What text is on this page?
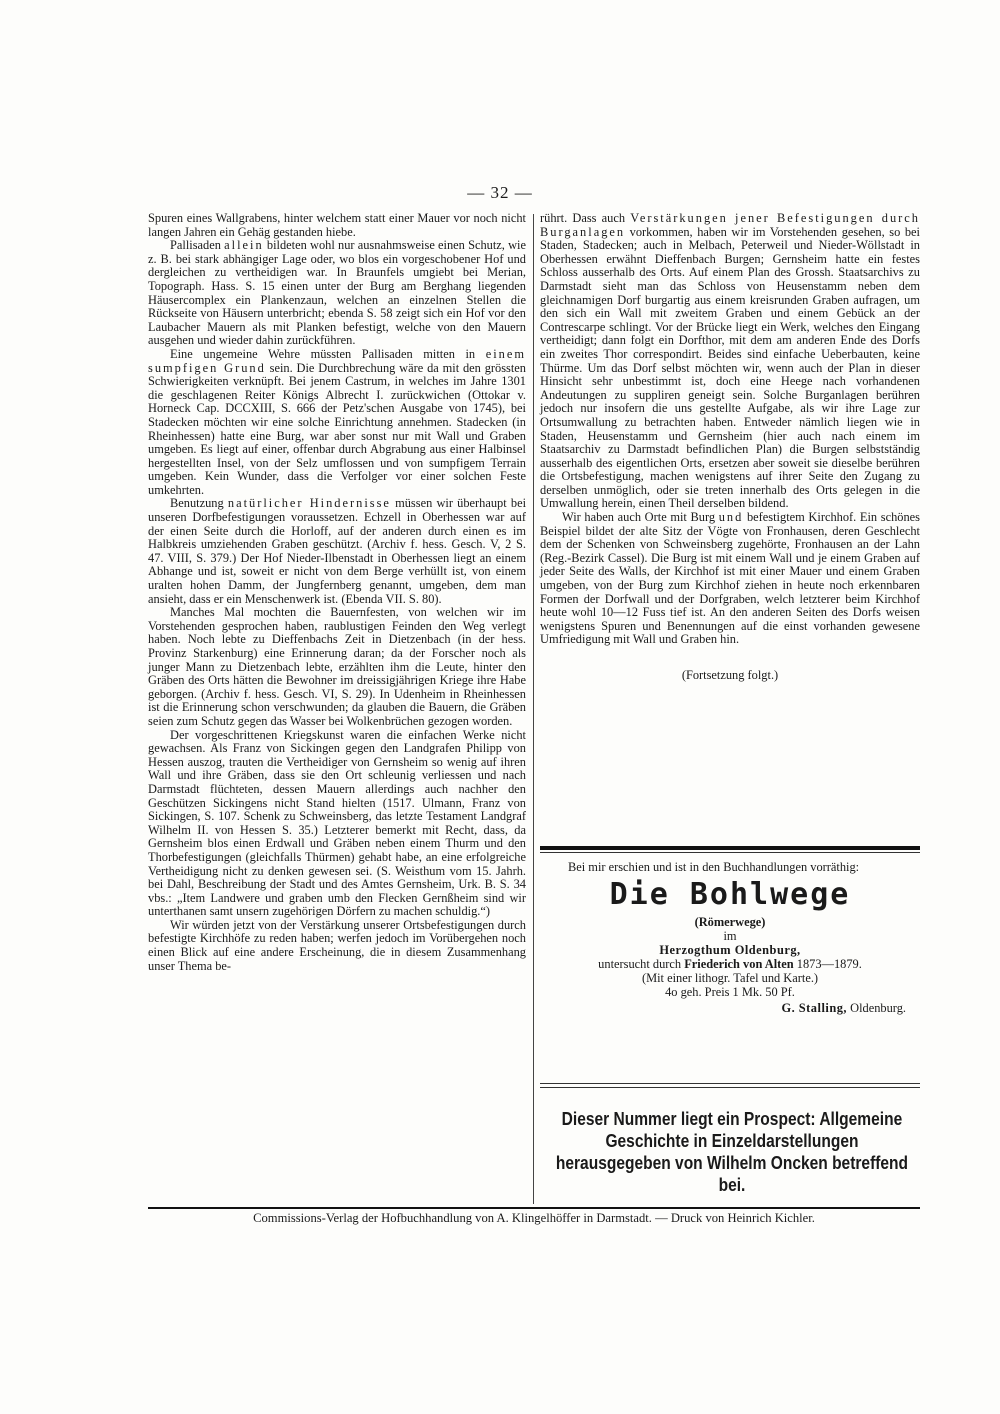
— 32 —

Spuren eines Wallgrabens, hinter welchem statt einer Mauer vor noch nicht langen Jahren ein Gehäg gestanden hiebe.

Pallisaden allein bildeten wohl nur ausnahmsweise einen Schutz, wie z. B. bei stark abhängiger Lage oder, wo blos ein vorgeschobener Hof und dergleichen zu vertheidigen war. In Braunfels umgiebt bei Merian, Topograph. Hass. S. 15 einen unter der Burg am Berghang liegenden Häusercomplex ein Plankenzaun, welchen an einzelnen Stellen die Rückseite von Häusern unterbricht; ebenda S. 58 zeigt sich ein Hof vor den Laubacher Mauern als mit Planken befestigt, welche von den Mauern ausgehen und wieder dahin zurückführen.

Eine ungemeine Wehre müssten Pallisaden mitten in einem sumpfigen Grund sein. Die Durchbrechung wäre da mit den grössten Schwierigkeiten verknüpft. Bei jenem Castrum, in welches im Jahre 1301 die geschlagenen Reiter Königs Albrecht I. zurückwichen (Ottokar v. Horneck Cap. DCCXIII, S. 666 der Petz'schen Ausgabe von 1745), bei Stadecken möchten wir eine solche Einrichtung annehmen. Stadecken (in Rheinhessen) hatte eine Burg, war aber sonst nur mit Wall und Graben umgeben. Es liegt auf einer, offenbar durch Abgrabung aus einer Halbinsel hergestellten Insel, von der Selz umflossen und von sumpfigem Terrain umgeben. Kein Wunder, dass die Verfolger vor einer solchen Feste umkehrten.

Benutzung natürlicher Hindernisse müssen wir überhaupt bei unseren Dorfbefestigungen voraussetzen. Echzell in Oberhessen war auf der einen Seite durch die Horloff, auf der anderen durch einen es im Halbkreis umziehenden Graben geschützt. (Archiv f. hess. Gesch. V, 2 S. 47. VIII, S. 379.) Der Hof Nieder-Ilbenstadt in Oberhessen liegt an einem Abhange und ist, soweit er nicht von dem Berge verhüllt ist, von einem uralten hohen Damm, der Jungfernberg genannt, umgeben, dem man ansieht, dass er ein Menschenwerk ist. (Ebenda VII. S. 80).

Manches Mal mochten die Bauernfesten, von welchen wir im Vorstehenden gesprochen haben, raublustigen Feinden den Weg verlegt haben. Noch lebte zu Dieffenbachs Zeit in Dietzenbach (in der hess. Provinz Starkenburg) eine Erinnerung daran; da der Forscher noch als junger Mann zu Dietzenbach lebte, erzählten ihm die Leute, hinter den Gräben des Orts hätten die Bewohner im dreissigjährigen Kriege ihre Habe geborgen. (Archiv f. hess. Gesch. VI, S. 29). In Udenheim in Rheinhessen ist die Erinnerung schon verschwunden; da glauben die Bauern, die Gräben seien zum Schutz gegen das Wasser bei Wolkenbrüchen gezogen worden.

Der vorgeschrittenen Kriegskunst waren die einfachen Werke nicht gewachsen. Als Franz von Sickingen gegen den Landgrafen Philipp von Hessen auszog, trauten die Vertheidiger von Gernsheim so wenig auf ihren Wall und ihre Gräben, dass sie den Ort schleunig verliessen und nach Darmstadt flüchteten, dessen Mauern allerdings auch nachher den Geschützen Sickingens nicht Stand hielten (1517. Ulmann, Franz von Sickingen, S. 107. Schenk zu Schweinsberg, das letzte Testament Landgraf Wilhelm II. von Hessen S. 35.) Letzterer bemerkt mit Recht, dass, da Gernsheim blos einen Erdwall und Gräben neben einem Thurm und den Thorbefestigungen (gleichfalls Thürmen) gehabt habe, an eine erfolgreiche Vertheidigung nicht zu denken gewesen sei. (S. Weisthum vom 15. Jahrh. bei Dahl, Beschreibung der Stadt und des Amtes Gernsheim, Urk. B. S. 34 vbs.: „Item Landwere und graben umb den Flecken Gernßheim sind wir unterthanen samt unsern zugehörigen Dörfern zu machen schuldig.“)

Wir würden jetzt von der Verstärkung unserer Ortsbefestigungen durch befestigte Kirchhöfe zu reden haben; werfen jedoch im Vorübergehen noch einen Blick auf eine andere Erscheinung, die in diesem Zusammenhang unser Thema be-

rührt. Dass auch Verstärkungen jener Befestigungen durch Burganlagen vorkommen, haben wir im Vorstehenden gesehen, so bei Staden, Stadecken; auch in Melbach, Peterweil und Nieder-Wöllstadt in Oberhessen erwähnt Dieffenbach Burgen; Gernsheim hatte ein festes Schloss ausserhalb des Orts. Auf einem Plan des Grossh. Staatsarchivs zu Darmstadt sieht man das Schloss von Heusenstamm neben dem gleichnamigen Dorf burgartig aus einem kreisrunden Graben aufragen, um den sich ein Wall mit zweitem Graben und einem Gebück an der Contrescarpe schlingt. Vor der Brücke liegt ein Werk, welches den Eingang vertheidigt; dann folgt ein Dorfthor, mit dem am anderen Ende des Dorfs ein zweites Thor correspondirt. Beides sind einfache Ueberbauten, keine Thürme. Um das Dorf selbst möchten wir, wenn auch der Plan in dieser Hinsicht sehr unbestimmt ist, doch eine Heege nach vorhandenen Andeutungen zu suppliren geneigt sein. Solche Burganlagen berühren jedoch nur insofern die uns gestellte Aufgabe, als wir ihre Lage zur Ortsumwallung zu betrachten haben. Entweder nämlich liegen wie in Staden, Heusenstamm und Gernsheim (hier auch nach einem im Staatsarchiv zu Darmstadt befindlichen Plan) die Burgen selbstständig ausserhalb des eigentlichen Orts, ersetzen aber soweit sie dieselbe berühren die Ortsbefestigung, machen wenigstens auf ihrer Seite den Zugang zu derselben unmöglich, oder sie treten innerhalb des Orts gelegen in die Umwallung herein, einen Theil derselben bildend.

Wir haben auch Orte mit Burg und befestigtem Kirchhof. Ein schönes Beispiel bildet der alte Sitz der Vögte von Fronhausen, deren Geschlecht dem der Schenken von Schweinsberg zugehörte, Fronhausen an der Lahn (Reg.-Bezirk Cassel). Die Burg ist mit einem Wall und je einem Graben auf jeder Seite des Walls, der Kirchhof ist mit einer Mauer und einem Graben umgeben, von der Burg zum Kirchhof ziehen in heute noch erkennbaren Formen der Dorfwall und der Dorfgraben, welch letzterer beim Kirchhof heute wohl 10—12 Fuss tief ist. An den anderen Seiten des Dorfs weisen wenigstens Spuren und Benennungen auf die einst vorhanden gewesene Umfriedigung mit Wall und Graben hin.

(Fortsetzung folgt.)

Bei mir erschien und ist in den Buchhandlungen vorräthig:

Die Bohlwege

(Römerwege)

im

Herzogthum Oldenburg,

untersucht durch Friederich von Alten 1873—1879.

(Mit einer lithogr. Tafel und Karte.)

4o geh. Preis 1 Mk. 50 Pf.

G. Stalling, Oldenburg.

Dieser Nummer liegt ein Prospect: Allgemeine Geschichte in Einzeldarstellungen herausgegeben von Wilhelm Oncken betreffend bei.
Commissions-Verlag der Hofbuchhandlung von A. Klingelhöffer in Darmstadt. — Druck von Heinrich Kichler.
